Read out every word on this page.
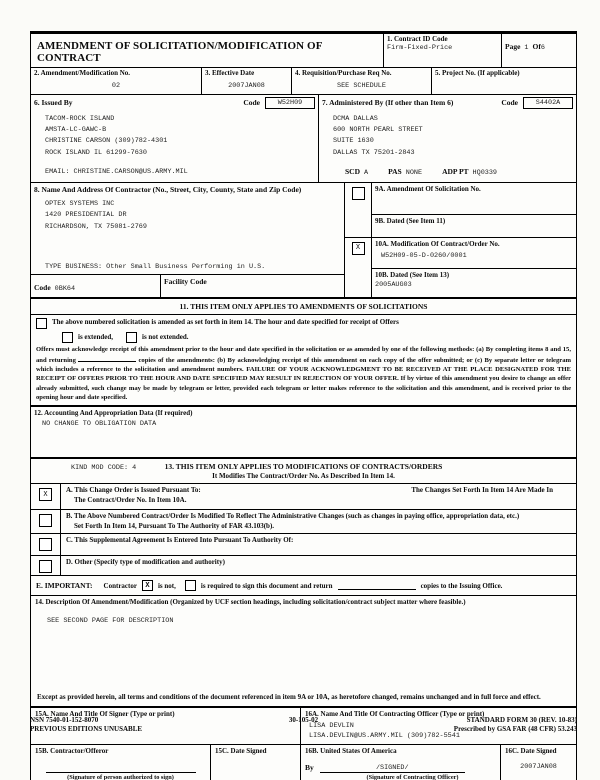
AMENDMENT OF SOLICITATION/MODIFICATION OF CONTRACT
1. Contract ID Code
Firm-Fixed-Price	Page 1 Of6
2. Amendment/Modification No.
02
3. Effective Date
2007JAN08
4. Requisition/Purchase Req No.
SEE SCHEDULE
5. Project No. (If applicable)
6. Issued By	Code	W52H09
TACOM-ROCK ISLAND
AMSTA-LC-GAWC-B
CHRISTINE CARSON (309)782-4301
ROCK ISLAND IL 61299-7630
EMAIL: CHRISTINE.CARSON@US.ARMY.MIL
7. Administered By (If other than Item 6)	Code	S4402A
DCMA DALLAS
600 NORTH PEARL STREET
SUITE 1630
DALLAS TX 75201-2843
SCD A	PAS NONE	ADP PT HQ0339
8. Name And Address Of Contractor (No., Street, City, County, State and Zip Code)
OPTEX SYSTEMS INC
1420 PRESIDENTIAL DR
RICHARDSON, TX 75081-2769
TYPE BUSINESS: Other Small Business Performing in U.S.
Code 0BK64
Facility Code
9A. Amendment Of Solicitation No.
9B. Dated (See Item 11)
X
10A. Modification Of Contract/Order No.
W52H09-05-D-0260/0001
10B. Dated (See Item 13)
2005AUG03
11. THIS ITEM ONLY APPLIES TO AMENDMENTS OF SOLICITATIONS
The above numbered solicitation is amended as set forth in item 14. The hour and date specified for receipt of Offers
is extended,	is not extended.
Offers must acknowledge receipt of this amendment prior to the hour and date specified in the solicitation or as amended by one of the following methods: (a) By completing items 8 and 15, and returning	copies of the amendments: (b) By acknowledging receipt of this amendment on each copy of the offer submitted; or (c) By separate letter or telegram which includes a reference to the solicitation and amendment numbers. FAILURE OF YOUR ACKNOWLEDGMENT TO BE RECEIVED AT THE PLACE DESIGNATED FOR THE RECEIPT OF OFFERS PRIOR TO THE HOUR AND DATE SPECIFIED MAY RESULT IN REJECTION OF YOUR OFFER. If by virtue of this amendment you desire to change an offer already submitted, such change may be made by telegram or letter, provided each telegram or letter makes reference to the solicitation and this amendment, and is received prior to the opening hour and date specified.
12. Accounting And Appropriation Data (If required)
NO CHANGE TO OBLIGATION DATA
KIND MOD CODE: 4	13. THIS ITEM ONLY APPLIES TO MODIFICATIONS OF CONTRACTS/ORDERS
It Modifies The Contract/Order No. As Described In Item 14.
X
A. This Change Order is Issued Pursuant To:
The Contract/Order No. In Item 10A.
The Changes Set Forth In Item 14 Are Made In
B. The Above Numbered Contract/Order Is Modified To Reflect The Administrative Changes (such as changes in paying office, appropriation data, etc.)
Set Forth In Item 14, Pursuant To The Authority of FAR 43.103(b).
C. This Supplemental Agreement Is Entered Into Pursuant To Authority Of:
D. Other (Specify type of modification and authority)
E. IMPORTANT: Contractor	X	is not,	is required to sign this document and return	copies to the Issuing Office.
14. Description Of Amendment/Modification (Organized by UCF section headings, including solicitation/contract subject matter where feasible.)
SEE SECOND PAGE FOR DESCRIPTION
Except as provided herein, all terms and conditions of the document referenced in item 9A or 10A, as heretofore changed, remains unchanged and in full force and effect.
15A. Name And Title Of Signer (Type or print)	16A. Name And Title Of Contracting Officer (Type or print)
LISA DEVLIN
LISA.DEVLIN@US.ARMY.MIL (309)782-5541
15B. Contractor/Offeror
(Signature of person authorized to sign)
15C. Date Signed	16B. United States Of America
By	/SIGNED/
(Signature of Contracting Officer)
16C. Date Signed
2007JAN08
NSN 7540-01-152-8070
PREVIOUS EDITIONS UNUSABLE
30-105-02	STANDARD FORM 30 (REV. 10-83)
Prescribed by GSA FAR (48 CFR) 53.243
